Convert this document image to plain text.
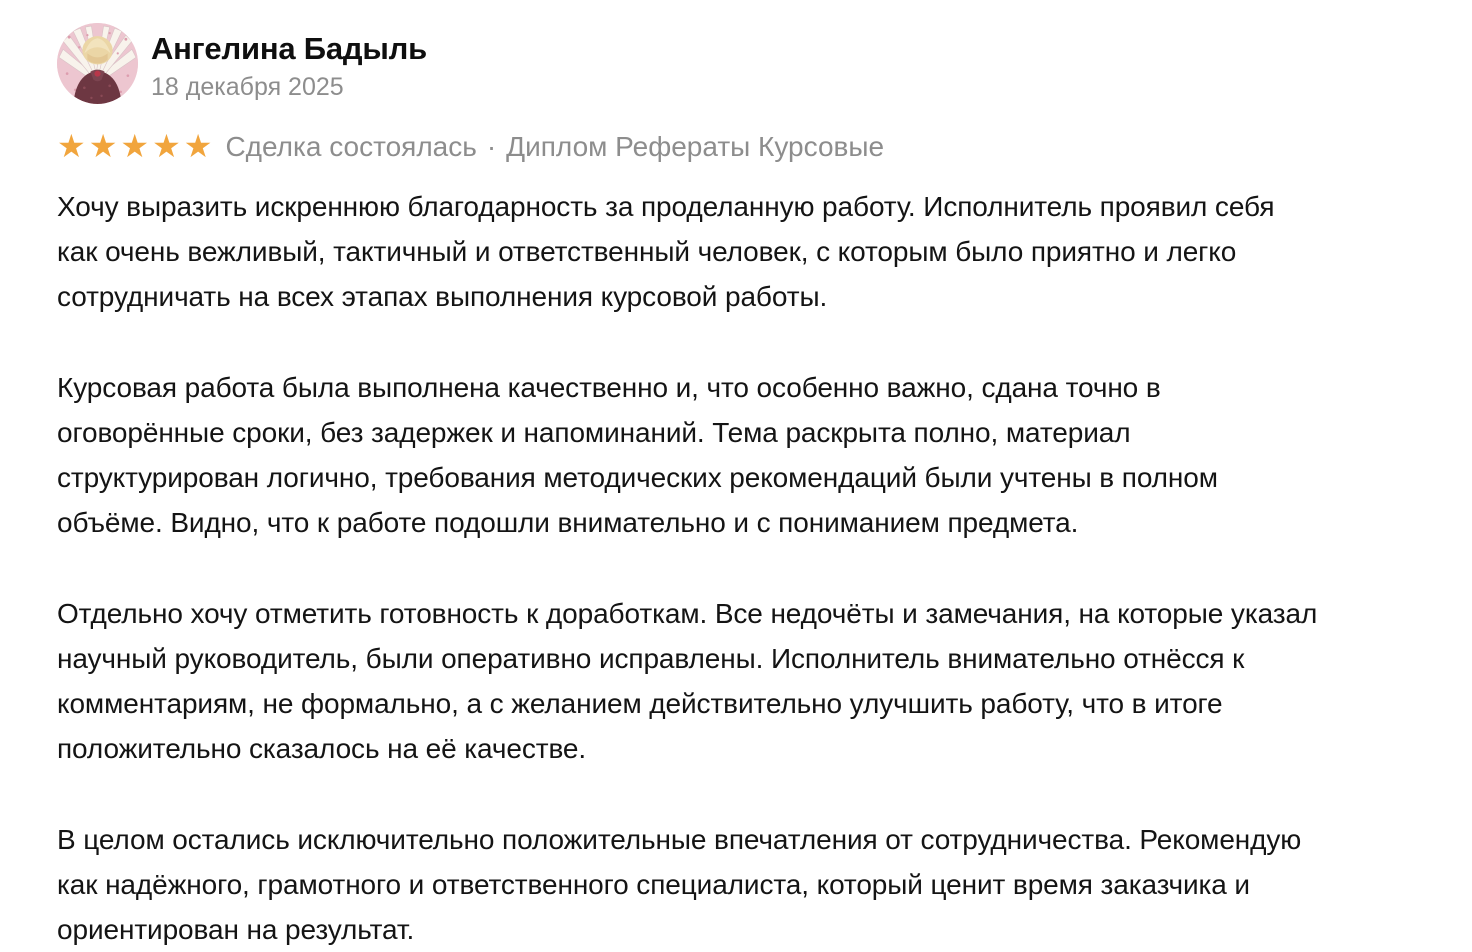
Ангелина Бадыль
18 декабря 2025
★★★★★ Сделка состоялась · Диплом Рефераты Курсовые

Хочу выразить искреннюю благодарность за проделанную работу. Исполнитель проявил себя как очень вежливый, тактичный и ответственный человек, с которым было приятно и легко сотрудничать на всех этапах выполнения курсовой работы.

Курсовая работа была выполнена качественно и, что особенно важно, сдана точно в оговорённые сроки, без задержек и напоминаний. Тема раскрыта полно, материал структурирован логично, требования методических рекомендаций были учтены в полном объёме. Видно, что к работе подошли внимательно и с пониманием предмета.

Отдельно хочу отметить готовность к доработкам. Все недочёты и замечания, на которые указал научный руководитель, были оперативно исправлены. Исполнитель внимательно отнёсся к комментариям, не формально, а с желанием действительно улучшить работу, что в итоге положительно сказалось на её качестве.

В целом остались исключительно положительные впечатления от сотрудничества. Рекомендую как надёжного, грамотного и ответственного специалиста, который ценит время заказчика и ориентирован на результат.
